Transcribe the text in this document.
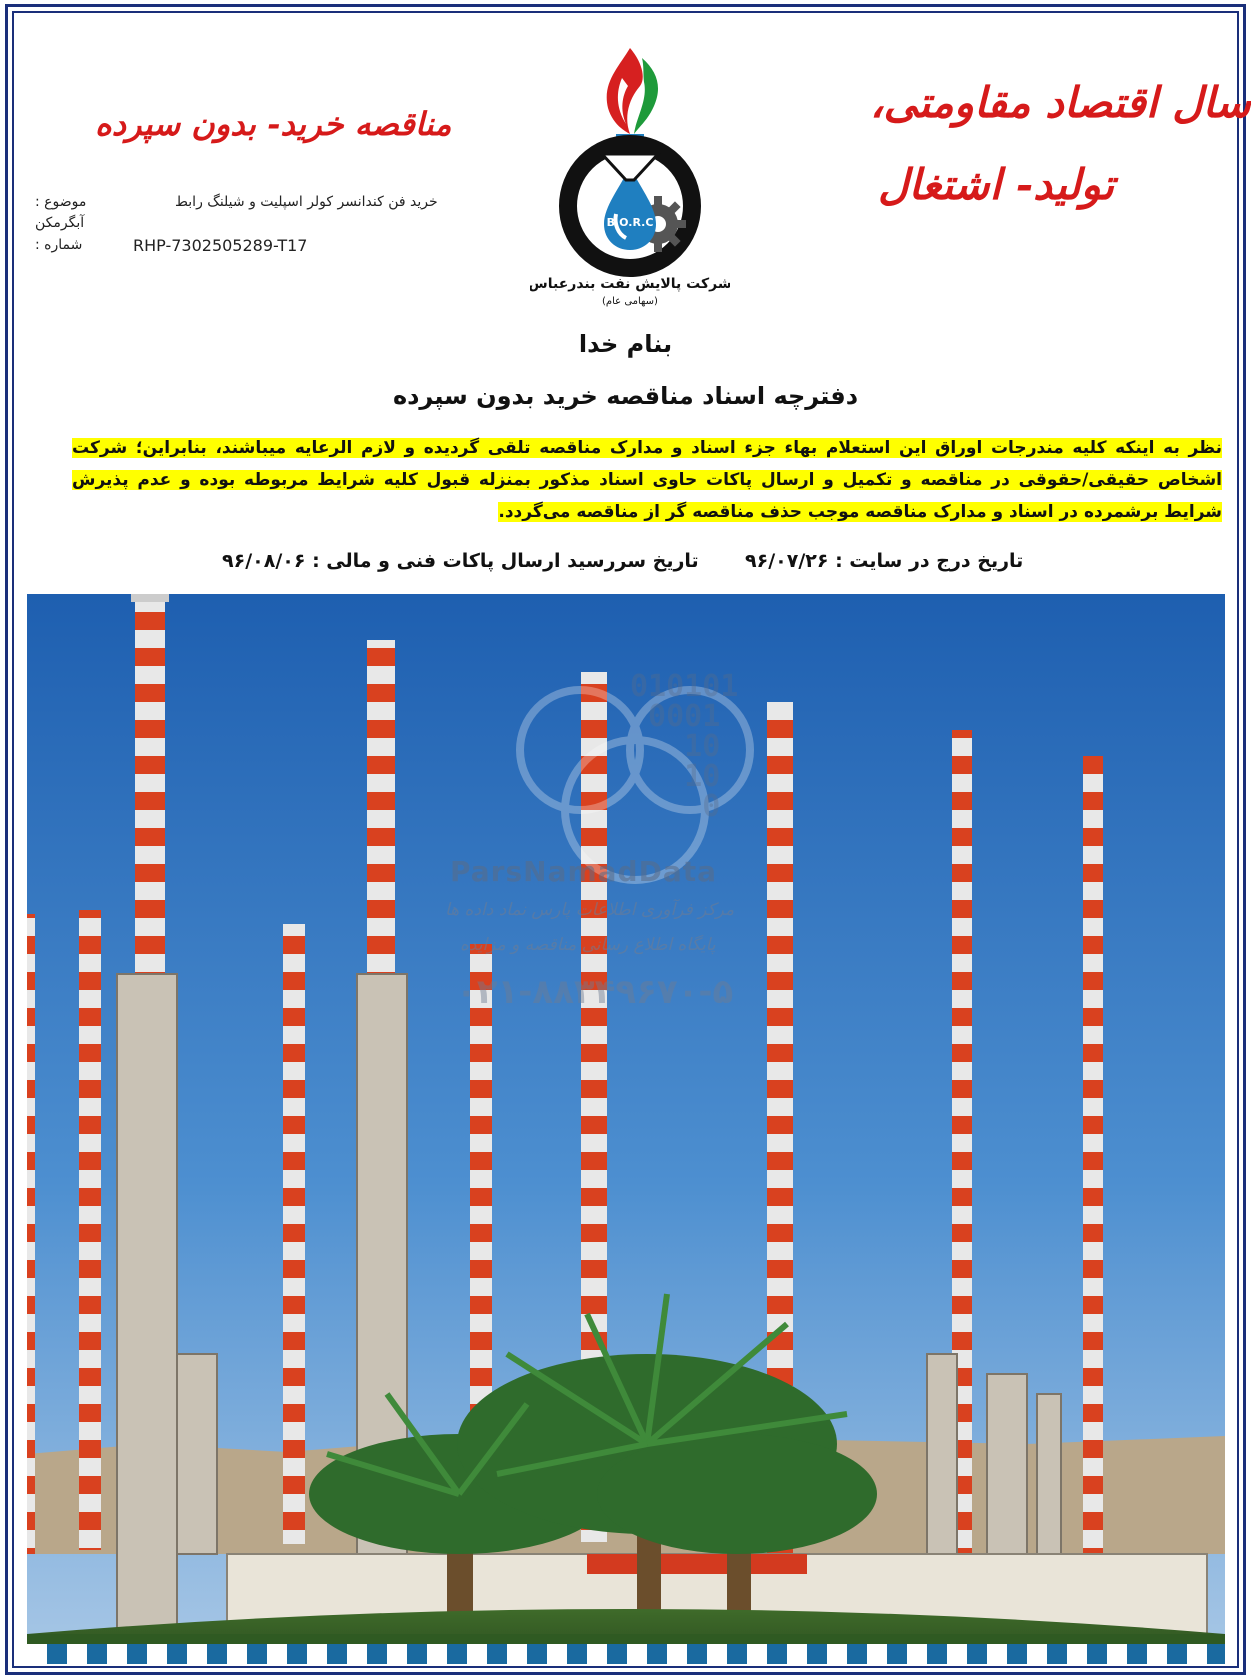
سال اقتصاد مقاومتی،
تولید- اشتغال
مناقصه خرید- بدون سپرده
موضوع :	خرید فن کندانسر کولر اسپلیت و شیلنگ رابط
آبگرمکن
شماره :	RHP-7302505289-T17
B.O.R.C
شرکت پالایش نفت بندرعباس
(سهامی عام)
بنام خدا
دفترچه اسناد مناقصه خرید بدون سپرده
نظر به اینکه کلیه مندرجات اوراق این استعلام بهاء جزء اسناد و مدارک مناقصه تلقی گردیده و لازم الرعایه میباشند، بنابراین؛ شرکت اشخاص حقیقی/حقوقی در مناقصه و تکمیل و ارسال پاکات حاوی اسناد مذکور بمنزله قبول کلیه شرایط مربوطه بوده و عدم پذیرش شرایط برشمرده در اسناد و مدارک مناقصه موجب حذف مناقصه گر از مناقصه می‌گردد.
تاریخ درج در سایت : ۹۶/۰۷/۲۶
تاریخ سررسید ارسال پاکات فنی و مالی : ۹۶/۰۸/۰۶
010101
0001
10
10
0
ParsNamadData
مرکز فرآوری اطلاعات پارس نماد داده ها
پایگاه اطلاع رسانی مناقصه و مزایده
۰۲۱-۸۸۳۴۹۶۷۰-۵
